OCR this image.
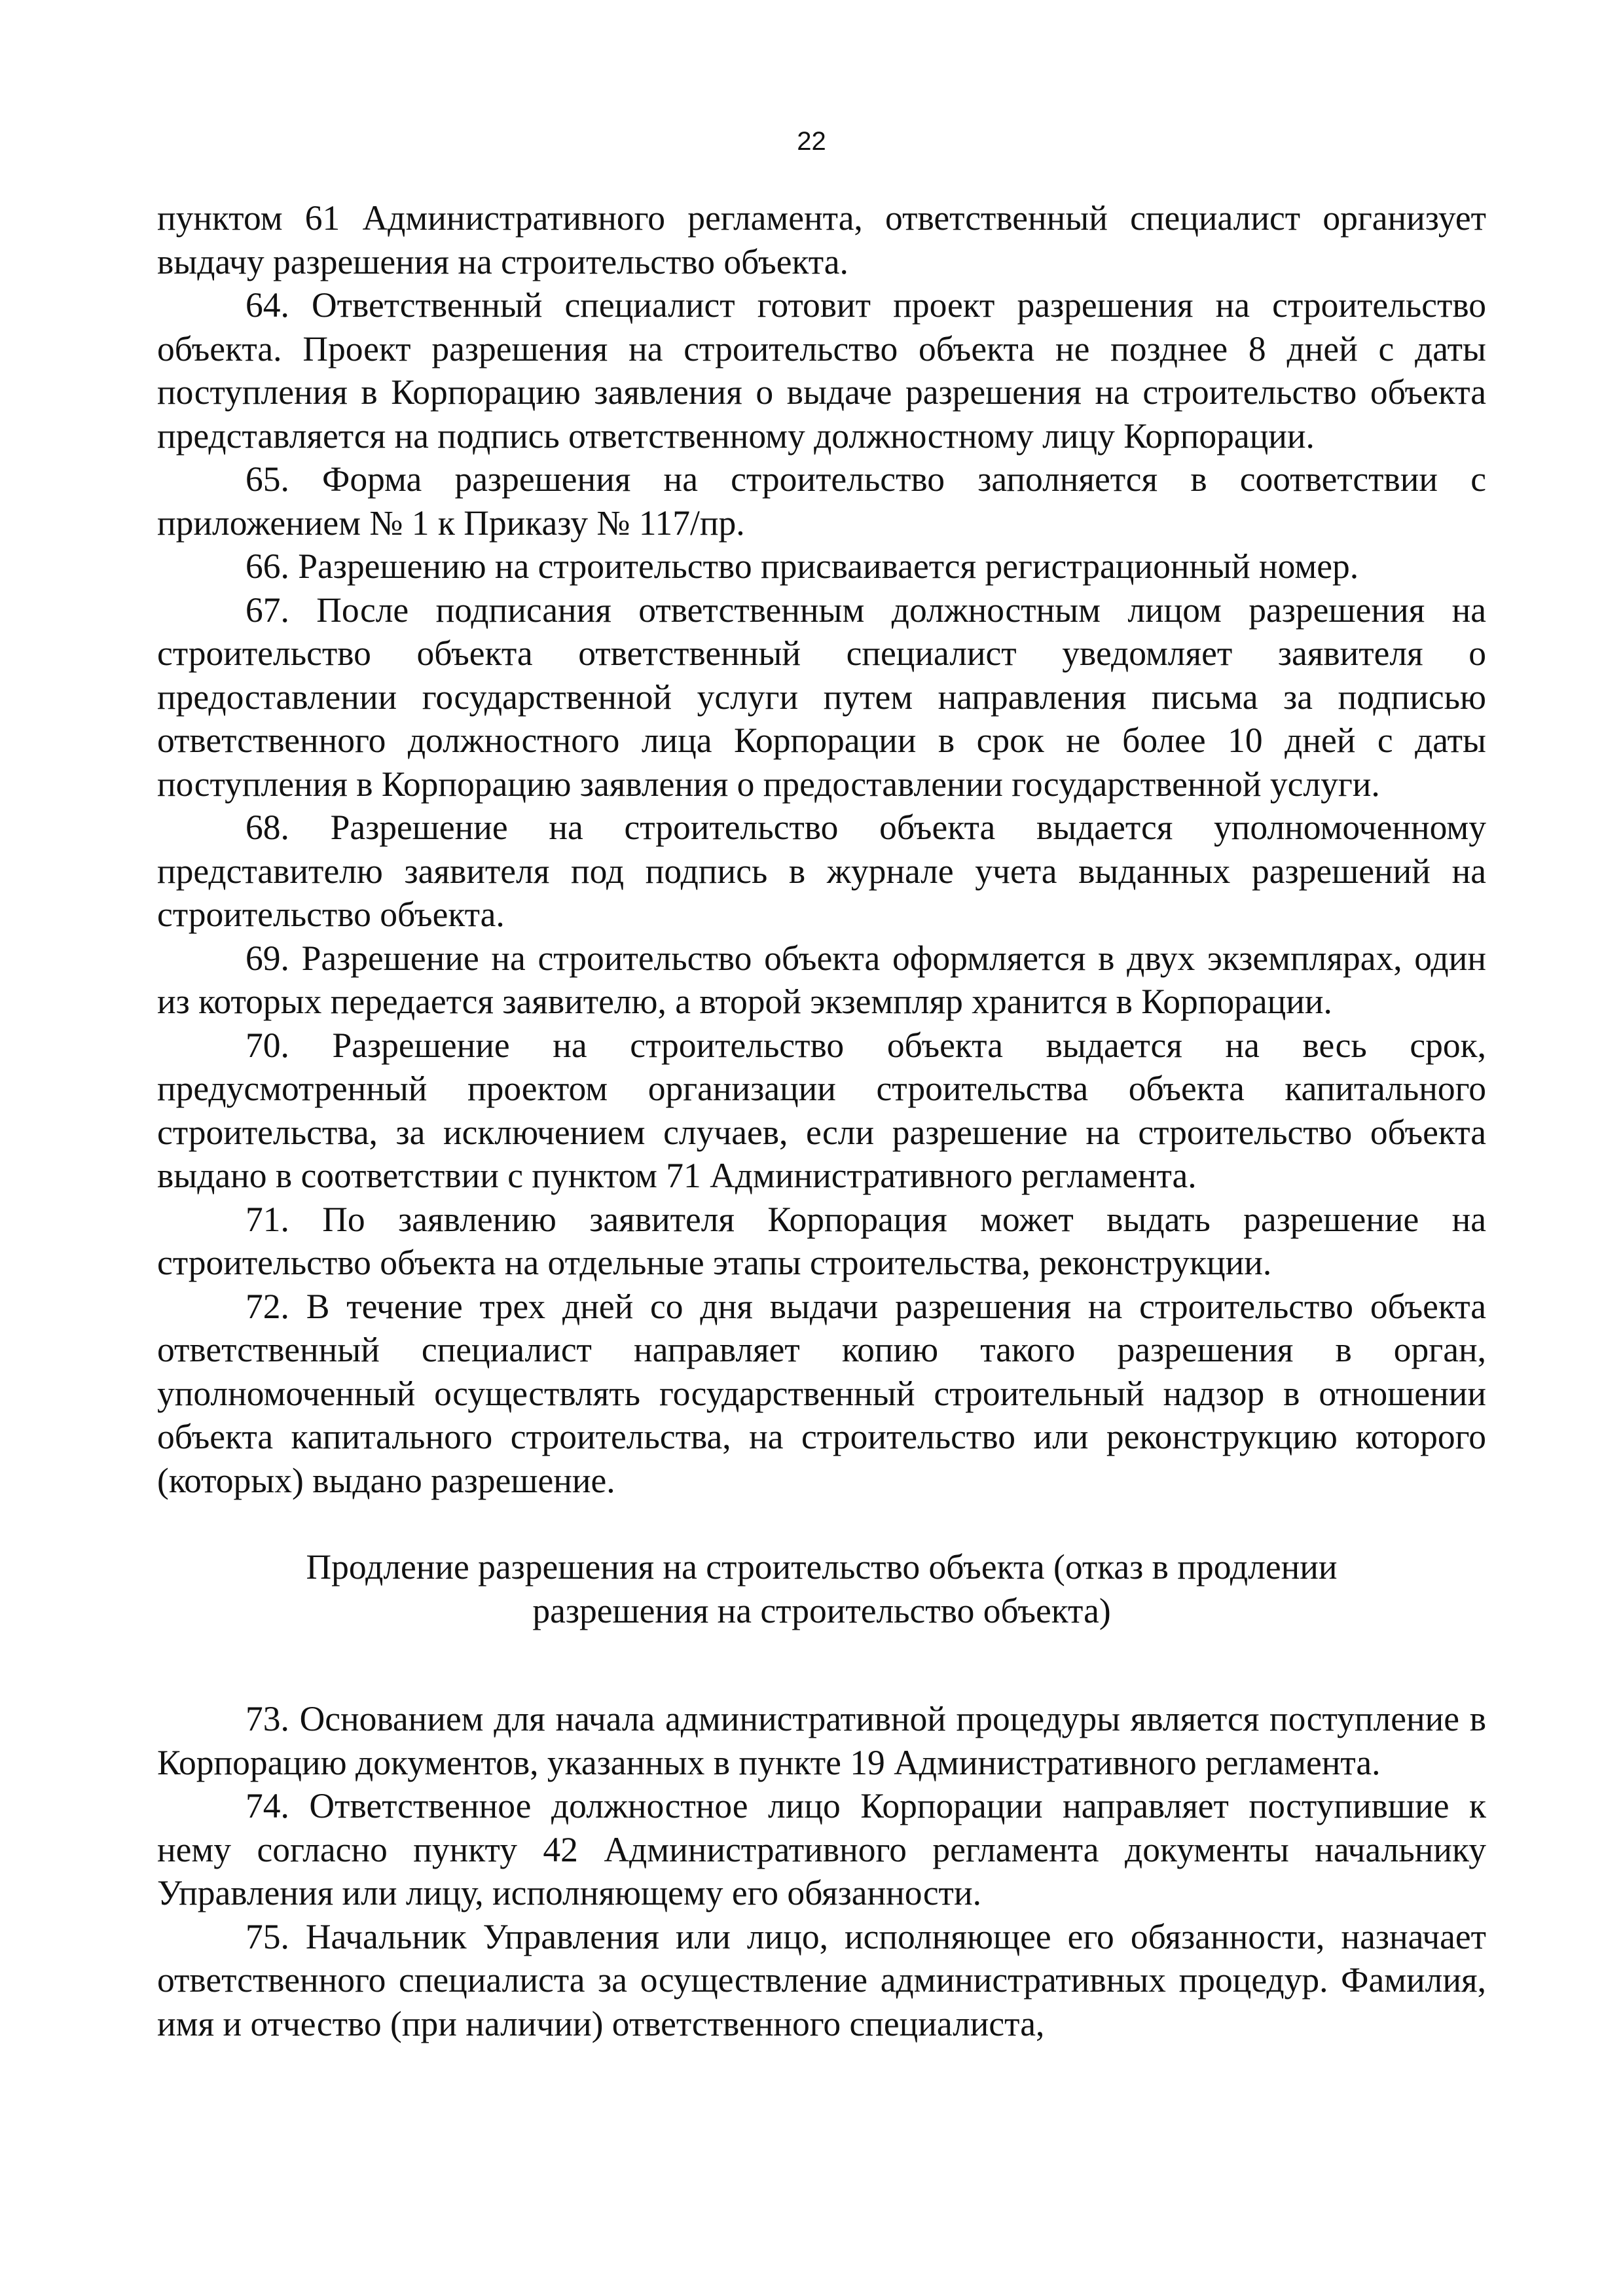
22

пунктом 61 Административного регламента, ответственный специалист организует выдачу разрешения на строительство объекта.

64. Ответственный специалист готовит проект разрешения на строительство объекта. Проект разрешения на строительство объекта не позднее 8 дней с даты поступления в Корпорацию заявления о выдаче разрешения на строительство объекта представляется на подпись ответственному должностному лицу Корпорации.

65. Форма разрешения на строительство заполняется в соответствии с приложением № 1 к Приказу № 117/пр.

66. Разрешению на строительство присваивается регистрационный номер.

67. После подписания ответственным должностным лицом разрешения на строительство объекта ответственный специалист уведомляет заявителя о предоставлении государственной услуги путем направления письма за подписью ответственного должностного лица Корпорации в срок не более 10 дней с даты поступления в Корпорацию заявления о предоставлении государственной услуги.

68. Разрешение на строительство объекта выдается уполномоченному представителю заявителя под подпись в журнале учета выданных разрешений на строительство объекта.

69. Разрешение на строительство объекта оформляется в двух экземплярах, один из которых передается заявителю, а второй экземпляр хранится в Корпорации.

70. Разрешение на строительство объекта выдается на весь срок, предусмотренный проектом организации строительства объекта капитального строительства, за исключением случаев, если разрешение на строительство объекта выдано в соответствии с пунктом 71 Административного регламента.

71. По заявлению заявителя Корпорация может выдать разрешение на строительство объекта на отдельные этапы строительства, реконструкции.

72. В течение трех дней со дня выдачи разрешения на строительство объекта ответственный специалист направляет копию такого разрешения в орган, уполномоченный осуществлять государственный строительный надзор в отношении объекта капитального строительства, на строительство или реконструкцию которого (которых) выдано разрешение.

Продление разрешения на строительство объекта (отказ в продлении
разрешения на строительство объекта)

73. Основанием для начала административной процедуры является поступление в Корпорацию документов, указанных в пункте 19 Административного регламента.

74. Ответственное должностное лицо Корпорации направляет поступившие к нему согласно пункту 42 Административного регламента документы начальнику Управления или лицу, исполняющему его обязанности.

75. Начальник Управления или лицо, исполняющее его обязанности, назначает ответственного специалиста за осуществление административных процедур. Фамилия, имя и отчество (при наличии) ответственного специалиста,
